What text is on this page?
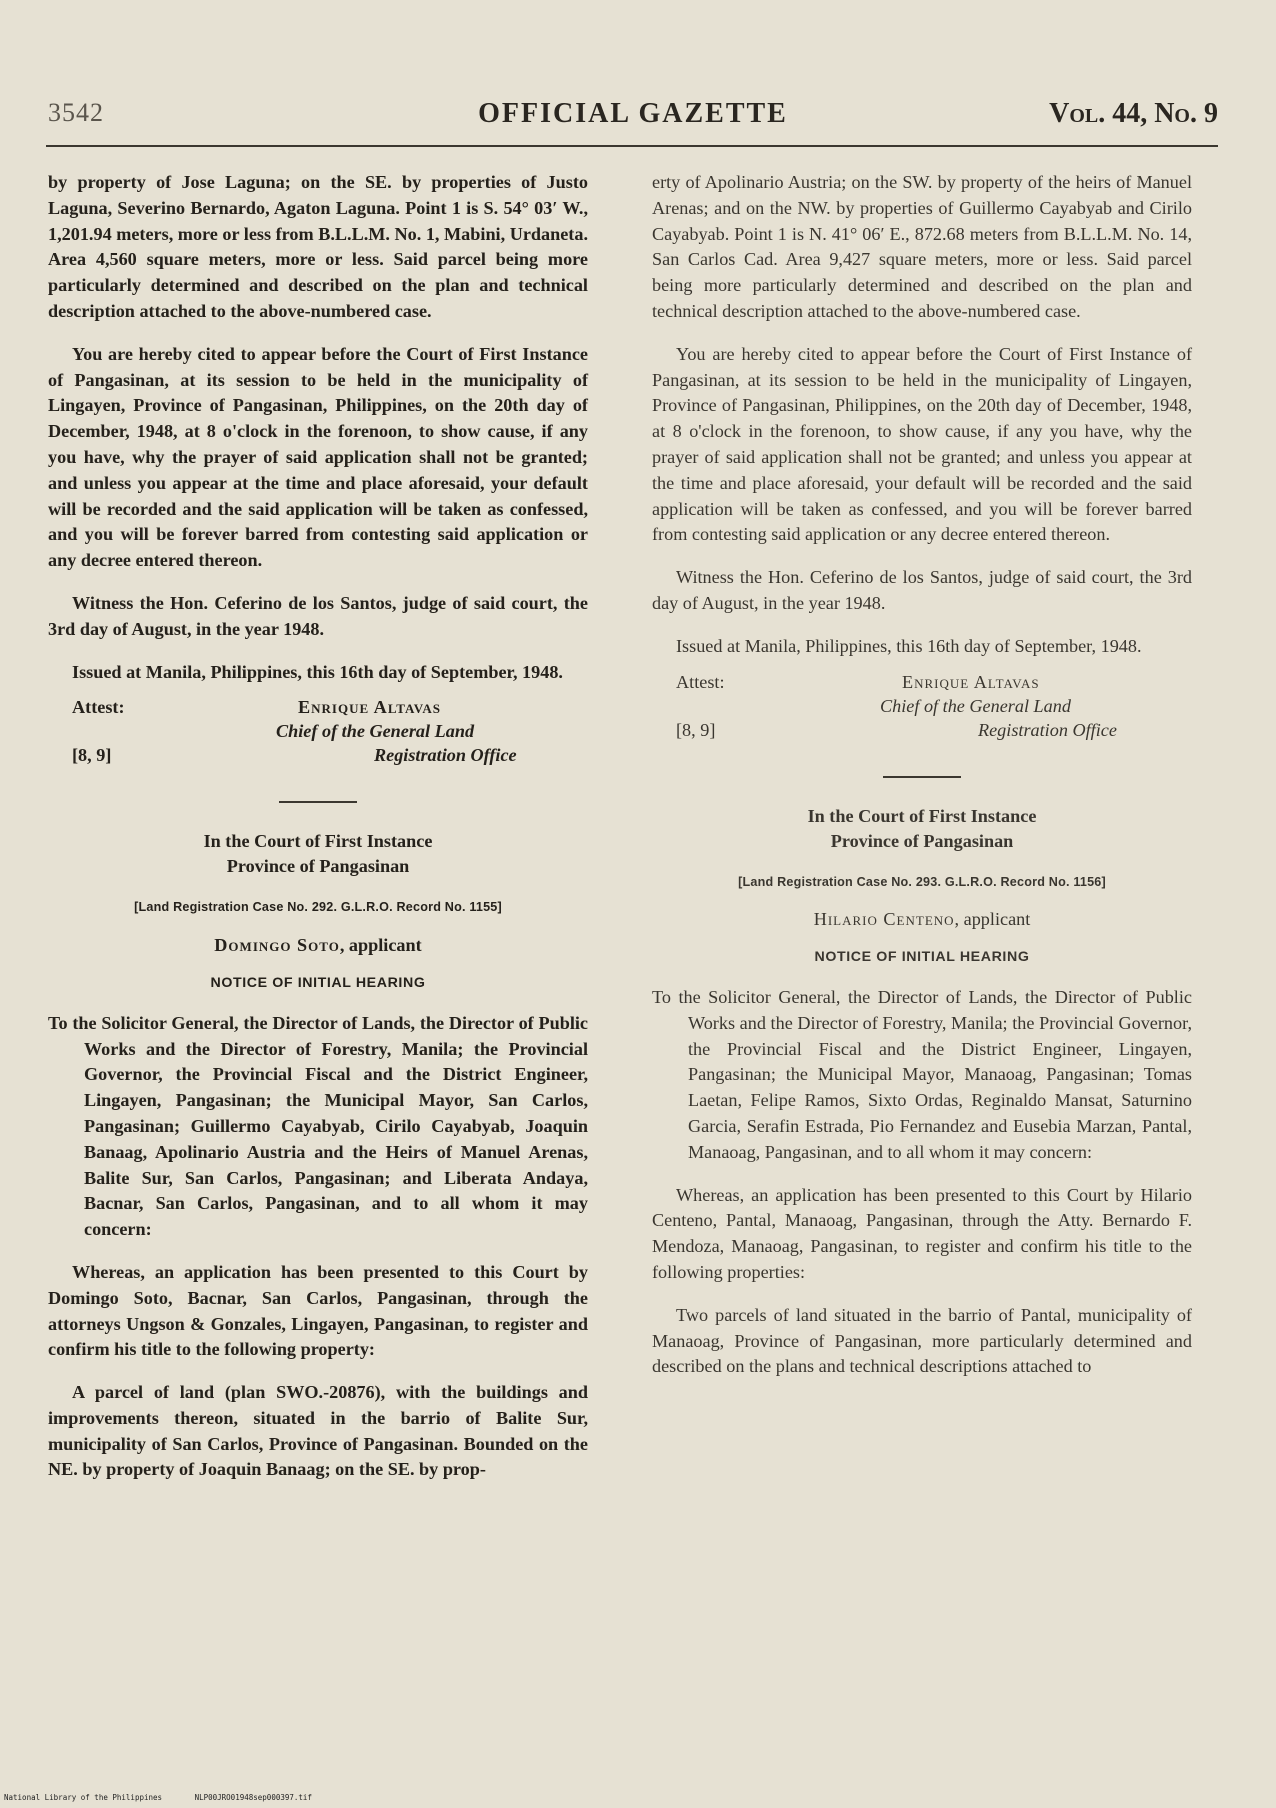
3542	OFFICIAL GAZETTE	Vol. 44, No. 9

by property of Jose Laguna; on the SE. by properties of Justo Laguna, Severino Bernardo, Agaton Laguna. Point 1 is S. 54° 03′ W., 1,201.94 meters, more or less from B.L.L.M. No. 1, Mabini, Urdaneta. Area 4,560 square meters, more or less. Said parcel being more particularly determined and described on the plan and technical description attached to the above-numbered case.

You are hereby cited to appear before the Court of First Instance of Pangasinan, at its session to be held in the municipality of Lingayen, Province of Pangasinan, Philippines, on the 20th day of December, 1948, at 8 o'clock in the forenoon, to show cause, if any you have, why the prayer of said application shall not be granted; and unless you appear at the time and place aforesaid, your default will be recorded and the said application will be taken as confessed, and you will be forever barred from contesting said application or any decree entered thereon.

Witness the Hon. Ceferino de los Santos, judge of said court, the 3rd day of August, in the year 1948.

Issued at Manila, Philippines, this 16th day of September, 1948.

Attest:	Enrique Altavas
Chief of the General Land
[8, 9]	Registration Office
In the Court of First Instance
Province of Pangasinan
[Land Registration Case No. 292. G.L.R.O. Record No. 1155]
Domingo Soto, applicant
NOTICE OF INITIAL HEARING

To the Solicitor General, the Director of Lands, the Director of Public Works and the Director of Forestry, Manila; the Provincial Governor, the Provincial Fiscal and the District Engineer, Lingayen, Pangasinan; the Municipal Mayor, San Carlos, Pangasinan; Guillermo Cayabyab, Cirilo Cayabyab, Joaquin Banaag, Apolinario Austria and the Heirs of Manuel Arenas, Balite Sur, San Carlos, Pangasinan; and Liberata Andaya, Bacnar, San Carlos, Pangasinan, and to all whom it may concern:

Whereas, an application has been presented to this Court by Domingo Soto, Bacnar, San Carlos, Pangasinan, through the attorneys Ungson & Gonzales, Lingayen, Pangasinan, to register and confirm his title to the following property:

A parcel of land (plan SWO.-20876), with the buildings and improvements thereon, situated in the barrio of Balite Sur, municipality of San Carlos, Province of Pangasinan. Bounded on the NE. by property of Joaquin Banaag; on the SE. by prop-

erty of Apolinario Austria; on the SW. by property of the heirs of Manuel Arenas; and on the NW. by properties of Guillermo Cayabyab and Cirilo Cayabyab. Point 1 is N. 41° 06′ E., 872.68 meters from B.L.L.M. No. 14, San Carlos Cad. Area 9,427 square meters, more or less. Said parcel being more particularly determined and described on the plan and technical description attached to the above-numbered case.

You are hereby cited to appear before the Court of First Instance of Pangasinan, at its session to be held in the municipality of Lingayen, Province of Pangasinan, Philippines, on the 20th day of December, 1948, at 8 o'clock in the forenoon, to show cause, if any you have, why the prayer of said application shall not be granted; and unless you appear at the time and place aforesaid, your default will be recorded and the said application will be taken as confessed, and you will be forever barred from contesting said application or any decree entered thereon.

Witness the Hon. Ceferino de los Santos, judge of said court, the 3rd day of August, in the year 1948.

Issued at Manila, Philippines, this 16th day of September, 1948.

Attest:	Enrique Altavas
Chief of the General Land
[8, 9]	Registration Office
In the Court of First Instance
Province of Pangasinan
[Land Registration Case No. 293. G.L.R.O. Record No. 1156]
Hilario Centeno, applicant
NOTICE OF INITIAL HEARING

To the Solicitor General, the Director of Lands, the Director of Public Works and the Director of Forestry, Manila; the Provincial Governor, the Provincial Fiscal and the District Engineer, Lingayen, Pangasinan; the Municipal Mayor, Manaoag, Pangasinan; Tomas Laetan, Felipe Ramos, Sixto Ordas, Reginaldo Mansat, Saturnino Garcia, Serafin Estrada, Pio Fernandez and Eusebia Marzan, Pantal, Manaoag, Pangasinan, and to all whom it may concern:

Whereas, an application has been presented to this Court by Hilario Centeno, Pantal, Manaoag, Pangasinan, through the Atty. Bernardo F. Mendoza, Manaoag, Pangasinan, to register and confirm his title to the following properties:

Two parcels of land situated in the barrio of Pantal, municipality of Manaoag, Province of Pangasinan, more particularly determined and described on the plans and technical descriptions attached to

National Library of the Philippines	NLP00JRO01948sep000397.tif
